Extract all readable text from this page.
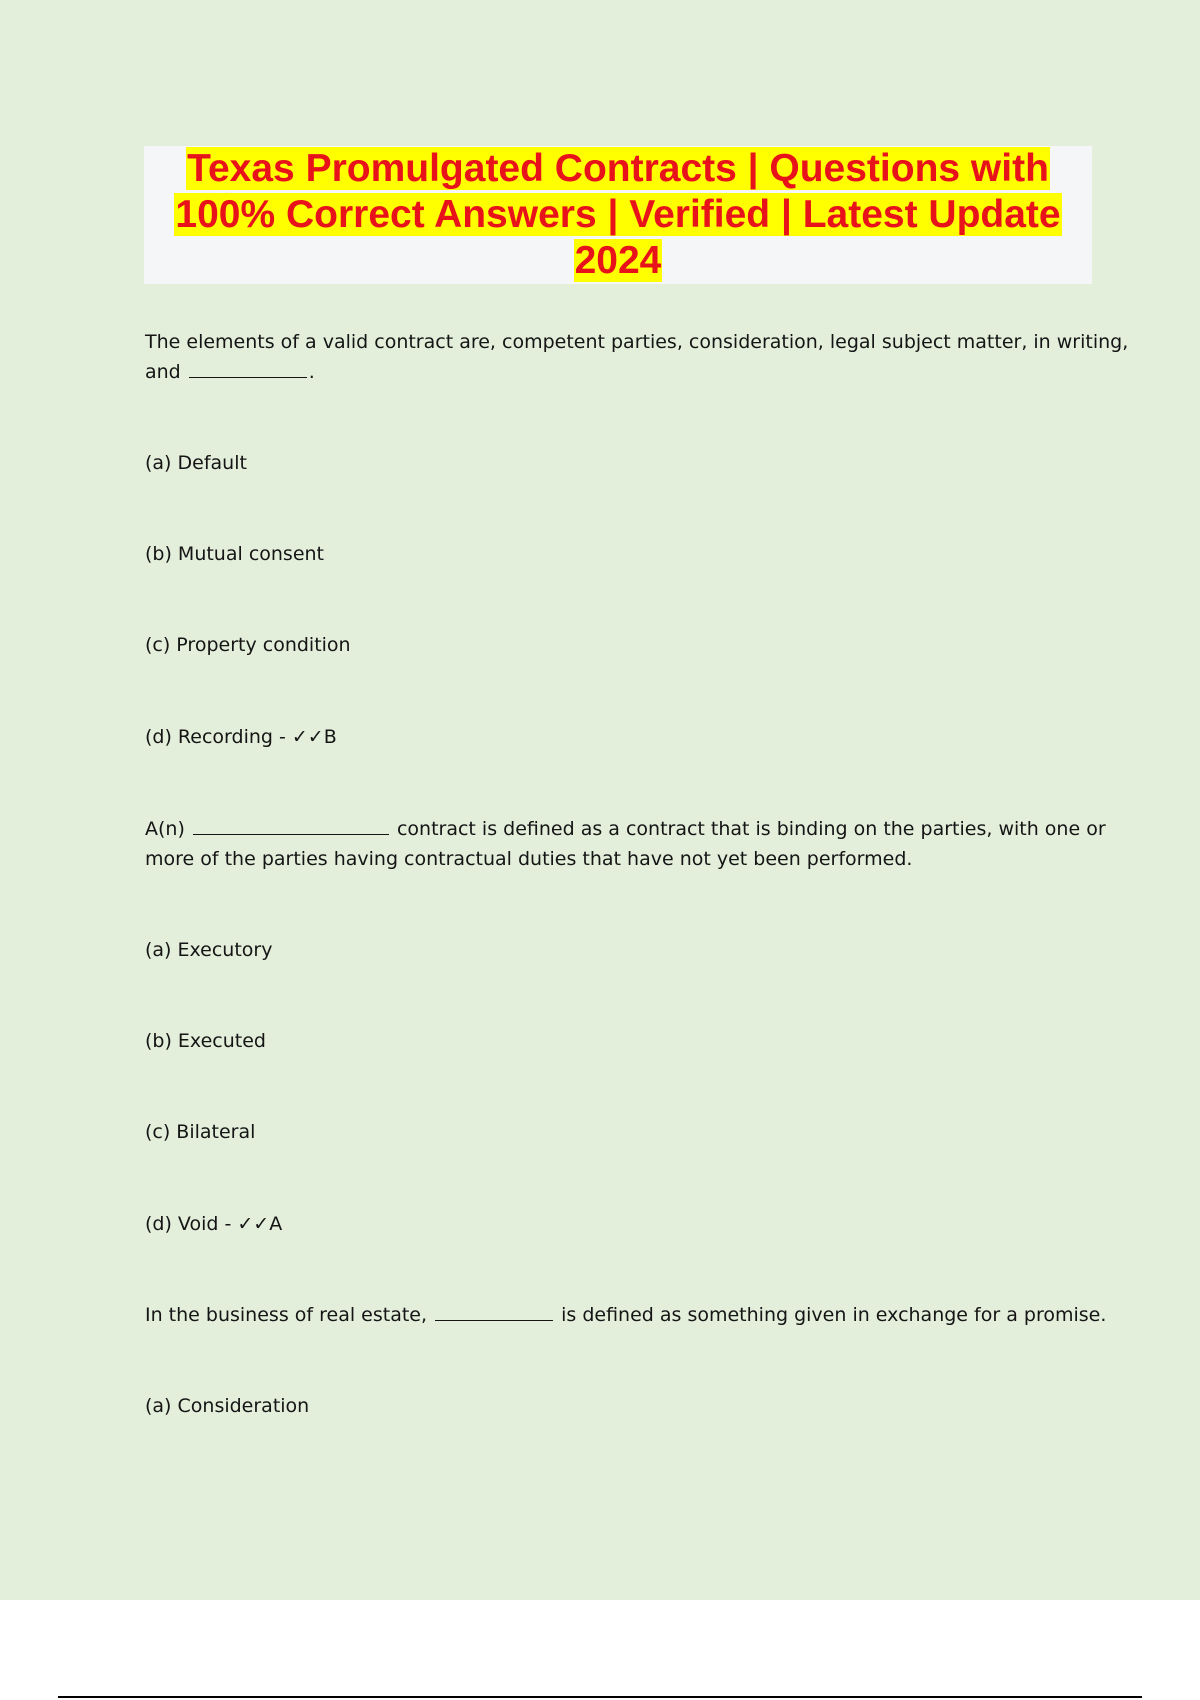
Texas Promulgated Contracts | Questions with
100% Correct Answers | Verified | Latest Update
2024

The elements of a valid contract are, competent parties, consideration, legal subject matter, in writing,

and	.

(a) Default

(b) Mutual consent

(c) Property condition

(d) Recording - ✓✓B

A(n)	contract is defined as a contract that is binding on the parties, with one or

more of the parties having contractual duties that have not yet been performed.

(a) Executory

(b) Executed

(c) Bilateral

(d) Void - ✓✓A

In the business of real estate,	is defined as something given in exchange for a promise.

(a) Consideration
